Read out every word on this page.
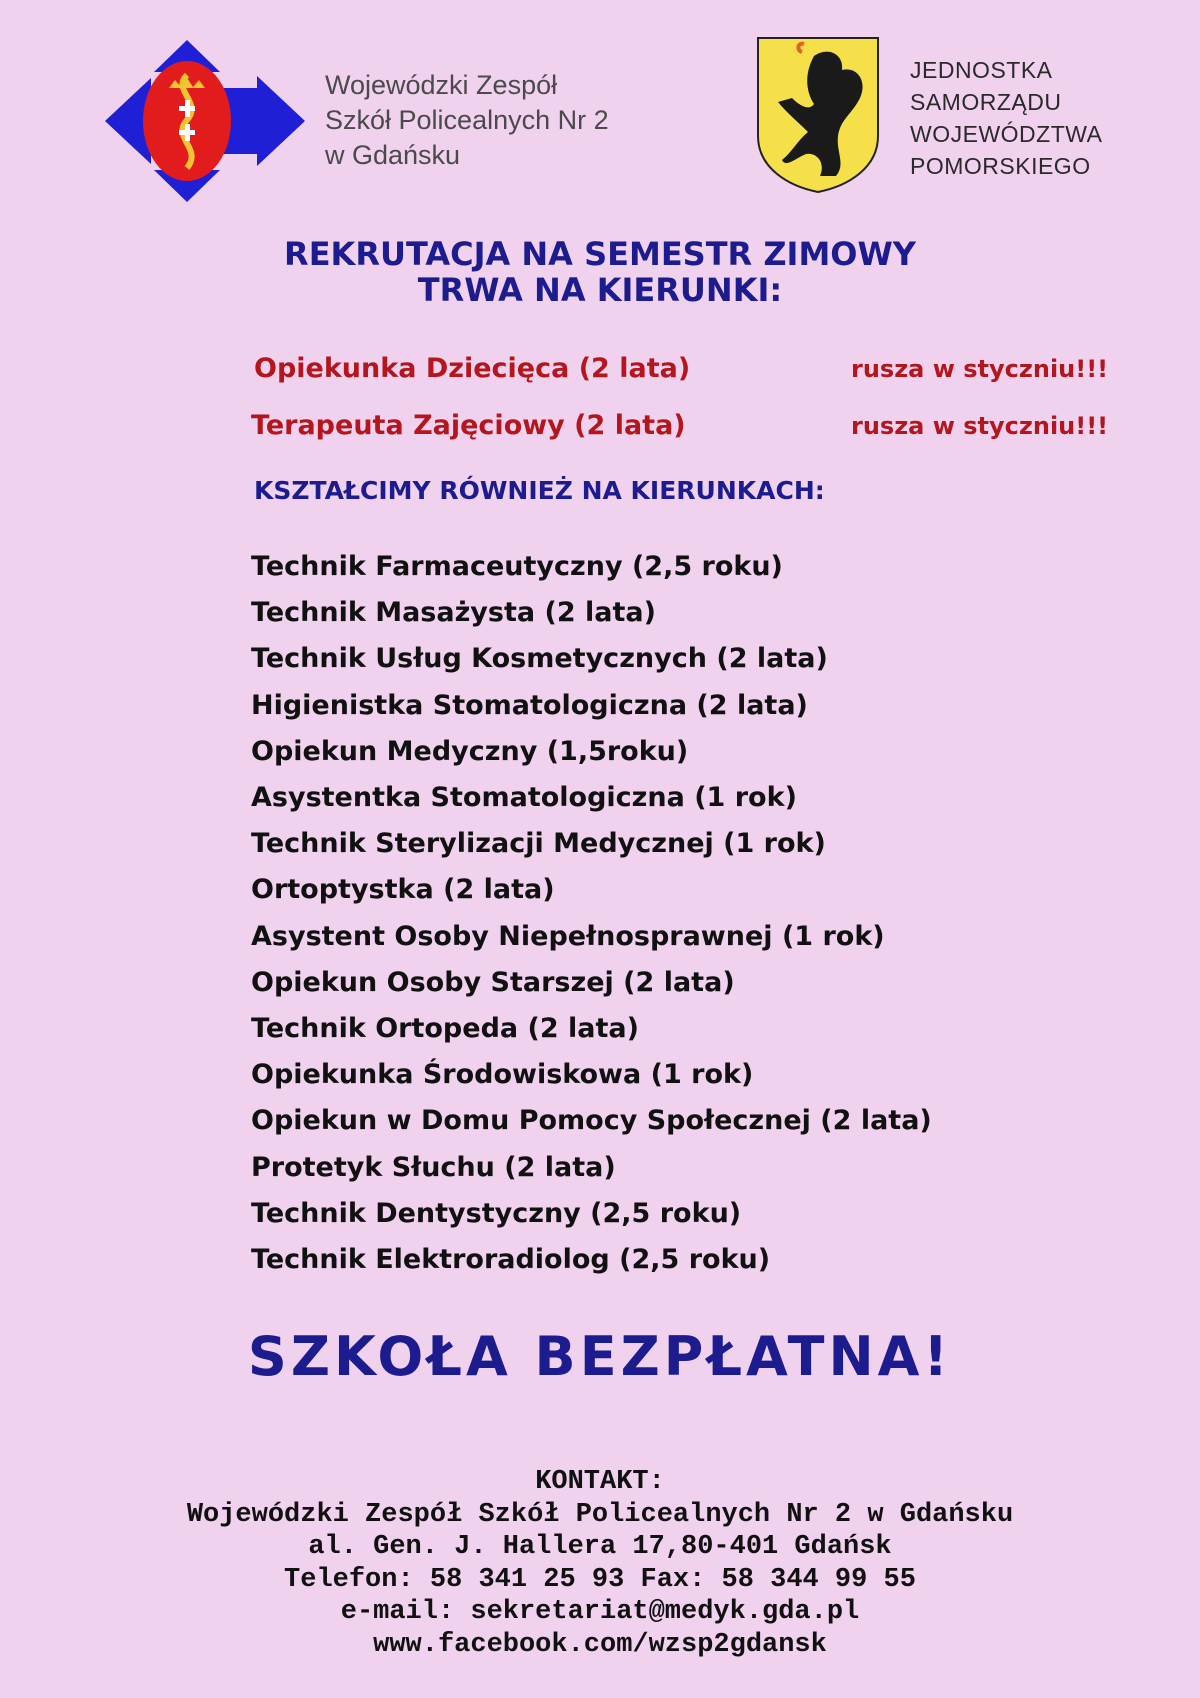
Wojewódzki Zespół
Szkół Policealnych Nr 2
w Gdańsku
JEDNOSTKA
SAMORZĄDU
WOJEWÓDZTWA
POMORSKIEGO
REKRUTACJA NA SEMESTR ZIMOWY
TRWA NA KIERUNKI:
Opiekunka Dziecięca (2 lata)	rusza w styczniu!!!
Terapeuta Zajęciowy (2 lata)	rusza w styczniu!!!
KSZTAŁCIMY RÓWNIEŻ NA KIERUNKACH:
Technik Farmaceutyczny (2,5 roku)
Technik Masażysta (2 lata)
Technik Usług Kosmetycznych (2 lata)
Higienistka Stomatologiczna (2 lata)
Opiekun Medyczny (1,5roku)
Asystentka Stomatologiczna (1 rok)
Technik Sterylizacji Medycznej (1 rok)
Ortoptystka (2 lata)
Asystent Osoby Niepełnosprawnej (1 rok)
Opiekun Osoby Starszej (2 lata)
Technik Ortopeda (2 lata)
Opiekunka Środowiskowa (1 rok)
Opiekun w Domu Pomocy Społecznej (2 lata)
Protetyk Słuchu (2 lata)
Technik Dentystyczny (2,5 roku)
Technik Elektroradiolog (2,5 roku)
SZKOŁA BEZPŁATNA!
KONTAKT:
Wojewódzki Zespół Szkół Policealnych Nr 2 w Gdańsku
al. Gen. J. Hallera 17,80-401 Gdańsk
Telefon: 58 341 25 93 Fax: 58 344 99 55
e-mail: sekretariat@medyk.gda.pl
www.facebook.com/wzsp2gdansk
